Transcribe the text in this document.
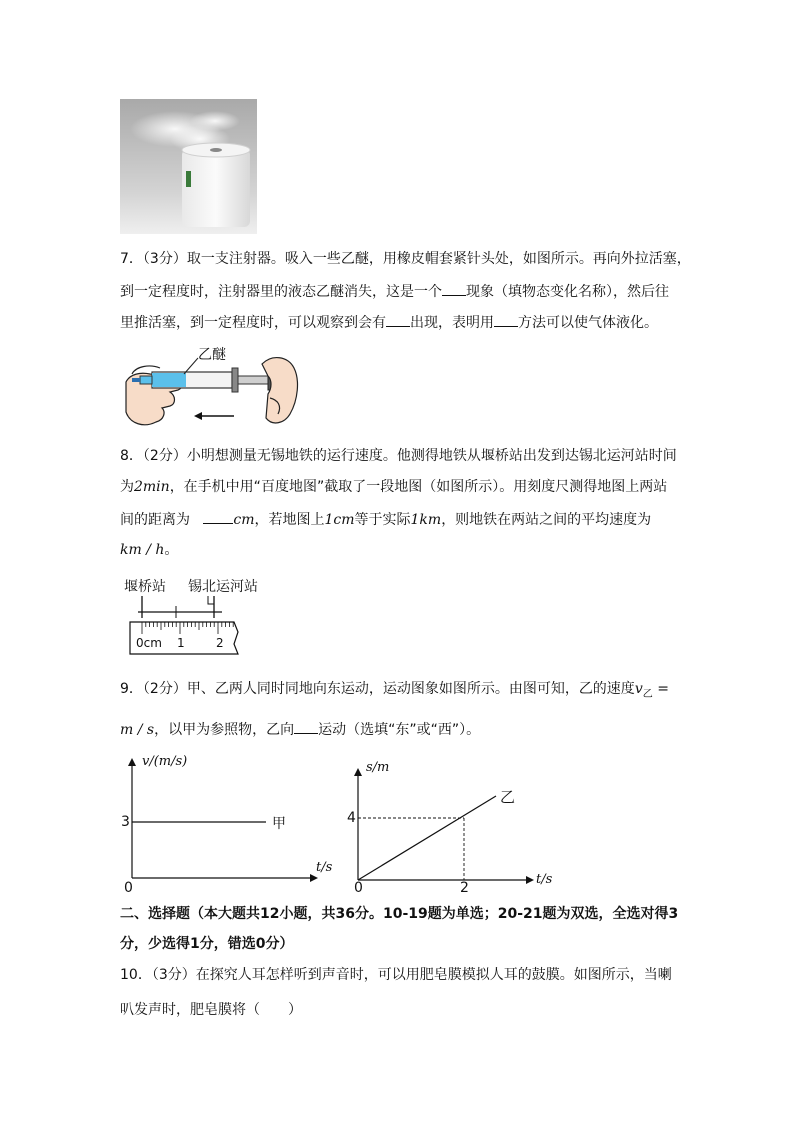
7．（3分）取一支注射器。吸入一些乙醚，用橡皮帽套紧针头处，如图所示。再向外拉活塞，
到一定程度时，注射器里的液态乙醚消失，这是一个 现象（填物态变化名称），然后往
里推活塞，到一定程度时，可以观察到会有 出现，表明用 方法可以使气体液化。
乙醚
8．（2分）小明想测量无锡地铁的运行速度。他测得地铁从堰桥站出发到达锡北运河站时间
为2min，在手机中用“百度地图”截取了一段地图（如图所示）。用刻度尺测得地图上两站
间的距离为	cm，若地图上1cm等于实际1km，则地铁在两站之间的平均速度为
km / h。
堰桥站 锡北运河站
0cm 1	2
9．（2分）甲、乙两人同时同地向东运动，运动图象如图所示。由图可知，乙的速度$v_乙$ =
m / s，以甲为参照物，乙向 运动（选填“东”或“西”）。
v/(m/s)
3
0
t/s
甲
s/m
4
0	2
t/s
乙
二、选择题（本大题共12小题，共36分。10-19题为单选；20-21题为双选，全选对得3
分，少选得1分，错选0分）
10．（3分）在探究人耳怎样听到声音时，可以用肥皂膜模拟人耳的鼓膜。如图所示，当喇
叭发声时，肥皂膜将（　　）
